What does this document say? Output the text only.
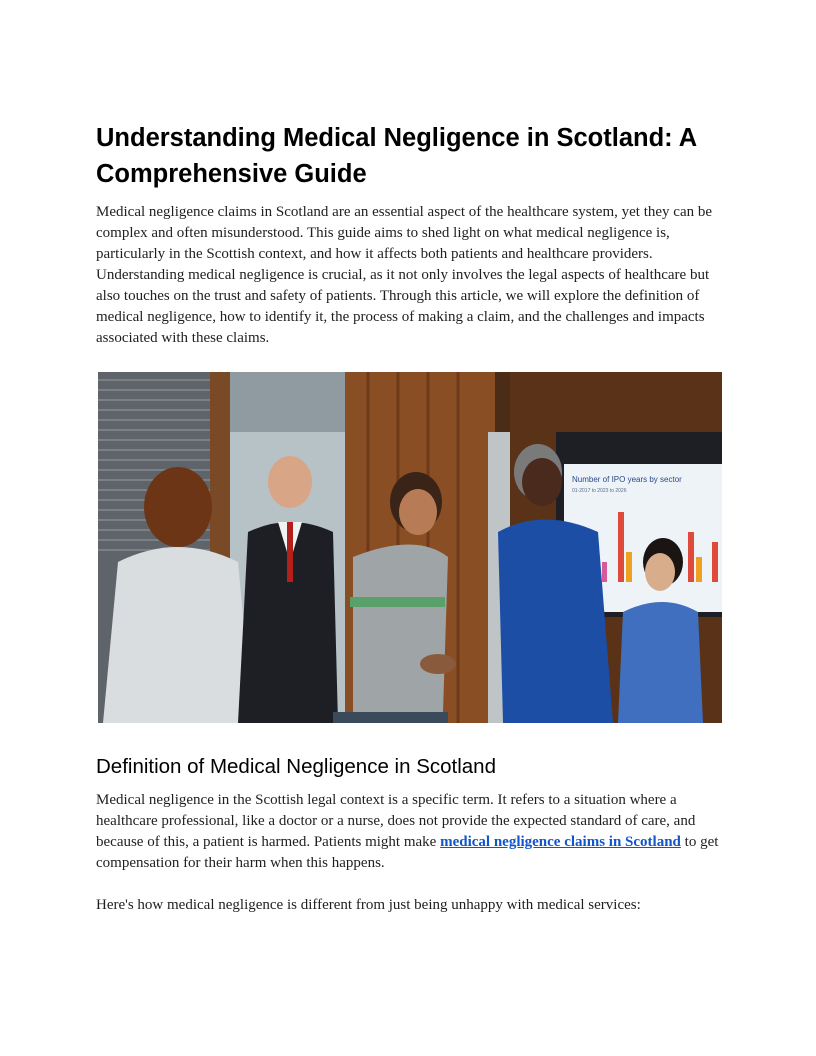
Understanding Medical Negligence in Scotland: A Comprehensive Guide

Medical negligence claims in Scotland are an essential aspect of the healthcare system, yet they can be complex and often misunderstood. This guide aims to shed light on what medical negligence is, particularly in the Scottish context, and how it affects both patients and healthcare providers. Understanding medical negligence is crucial, as it not only involves the legal aspects of healthcare but also touches on the trust and safety of patients. Through this article, we will explore the definition of medical negligence, how to identify it, the process of making a claim, and the challenges and impacts associated with these claims.

Number of IPO years by sector
01-2017 to 2023 to 2026
Definition of Medical Negligence in Scotland

Medical negligence in the Scottish legal context is a specific term. It refers to a situation where a healthcare professional, like a doctor or a nurse, does not provide the expected standard of care, and because of this, a patient is harmed. Patients might make medical negligence claims in Scotland to get compensation for their harm when this happens.

Here's how medical negligence is different from just being unhappy with medical services:
